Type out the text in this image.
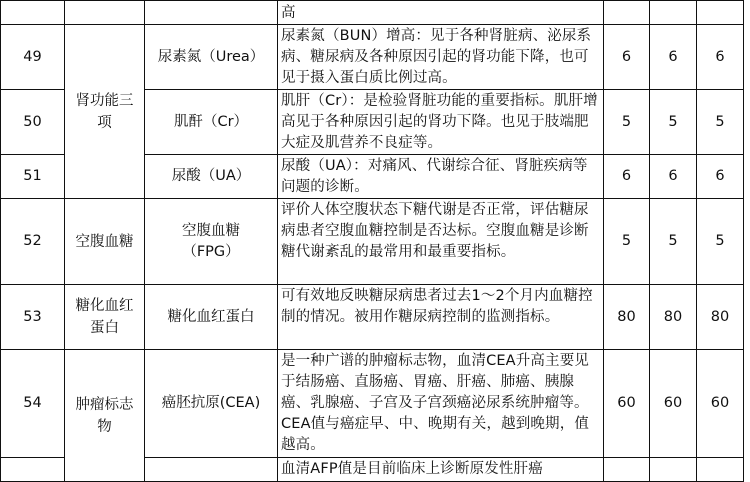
			高			

49	肾功能三项	尿素氮（Urea）	尿素氮（BUN）增高：见于各种肾脏病、泌尿系病、糖尿病及各种原因引起的肾功能下降，也可见于摄入蛋白质比例过高。	6	6	6
50		肌酐（Cr）	肌肝（Cr）：是检验肾脏功能的重要指标。肌肝增高见于各种原因引起的肾功下降。也见于肢端肥大症及肌营养不良症等。	5	5	5
51		尿酸（UA）	尿酸（UA）：对痛风、代谢综合征、肾脏疾病等问题的诊断。	6	6	6
52	空腹血糖	空腹血糖（FPG）	评价人体空腹状态下糖代谢是否正常，评估糖尿病患者空腹血糖控制是否达标。空腹血糖是诊断糖代谢紊乱的最常用和最重要指标。	5	5	5
53	糖化血红蛋白	糖化血红蛋白	可有效地反映糖尿病患者过去1～2个月内血糖控制的情况。被用作糖尿病控制的监测指标。	80	80	80
54	肿瘤标志物	癌胚抗原(CEA)	是一种广谱的肿瘤标志物，血清CEA升高主要见于结肠癌、直肠癌、胃癌、肝癌、肺癌、胰腺癌、乳腺癌、子宫及子宫颈癌泌尿系统肿瘤等。CEA值与癌症早、中、晚期有关，越到晚期，值越高。	60	60	60

			血清AFP值是目前临床上诊断原发性肝癌			
